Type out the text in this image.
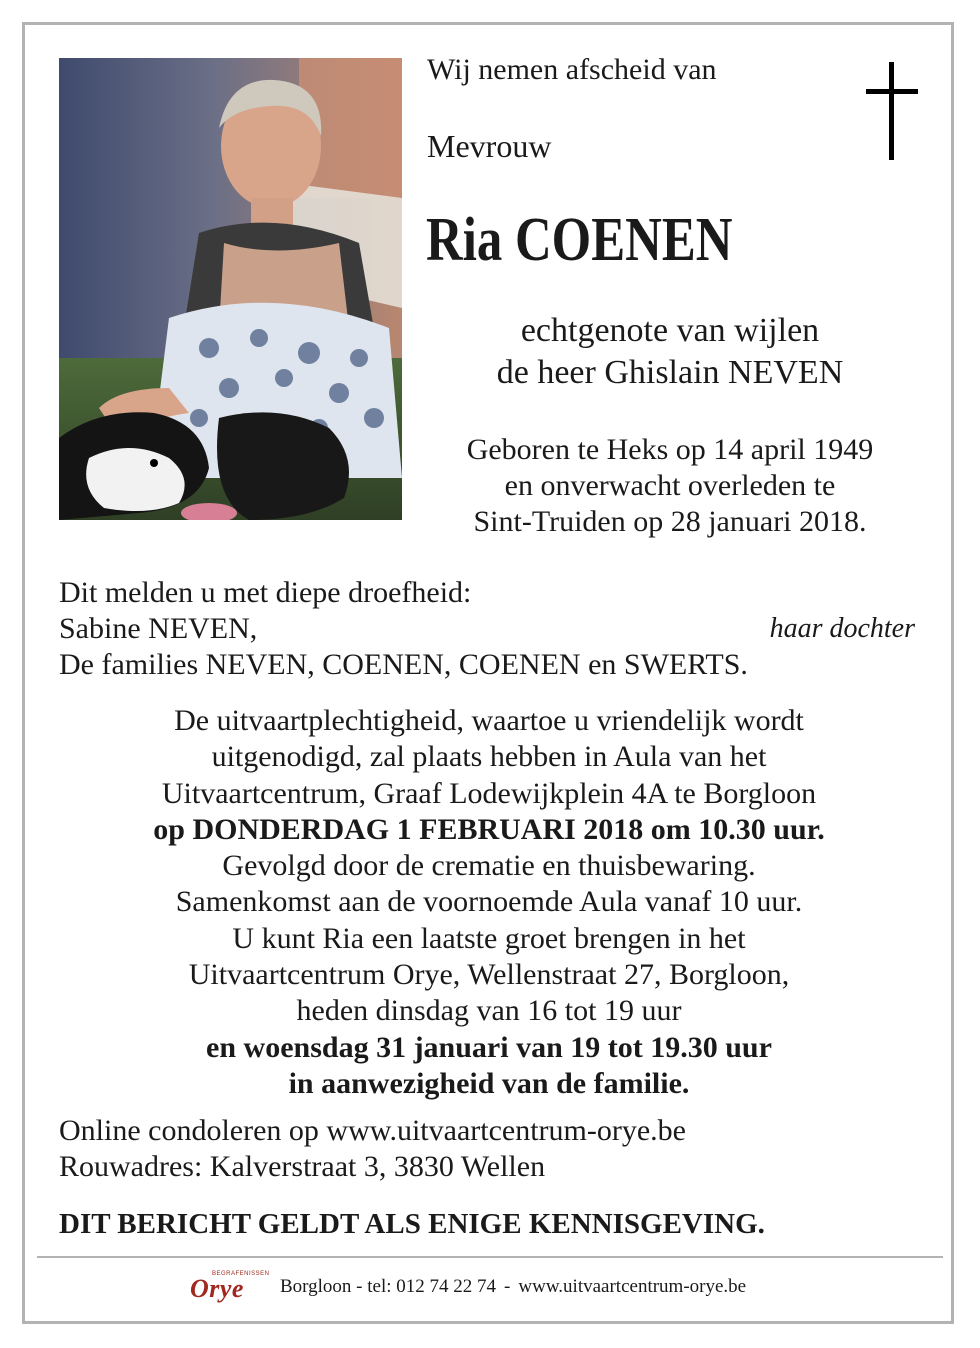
Wij nemen afscheid van

Mevrouw

Ria COENEN
echtgenote van wijlen
de heer Ghislain NEVEN
Geboren te Heks op 14 april 1949
en onverwacht overleden te
Sint-Truiden op 28 januari 2018.
Dit melden u met diepe droefheid:
Sabine NEVEN,	haar dochter
De families NEVEN, COENEN, COENEN en SWERTS.
De uitvaartplechtigheid, waartoe u vriendelijk wordt
uitgenodigd, zal plaats hebben in Aula van het
Uitvaartcentrum, Graaf Lodewijkplein 4A te Borgloon
op DONDERDAG 1 FEBRUARI 2018 om 10.30 uur.
Gevolgd door de crematie en thuisbewaring.
Samenkomst aan de voornoemde Aula vanaf 10 uur.
U kunt Ria een laatste groet brengen in het
Uitvaartcentrum Orye, Wellenstraat 27, Borgloon,
heden dinsdag van 16 tot 19 uur
en woensdag 31 januari van 19 tot 19.30 uur
in aanwezigheid van de familie.
Online condoleren op www.uitvaartcentrum-orye.be
Rouwadres: Kalverstraat 3, 3830 Wellen
DIT BERICHT GELDT ALS ENIGE KENNISGEVING.
BEGRAFENISSEN
Orye Borgloon - tel: 012 74 22 74 - www.uitvaartcentrum-orye.be
